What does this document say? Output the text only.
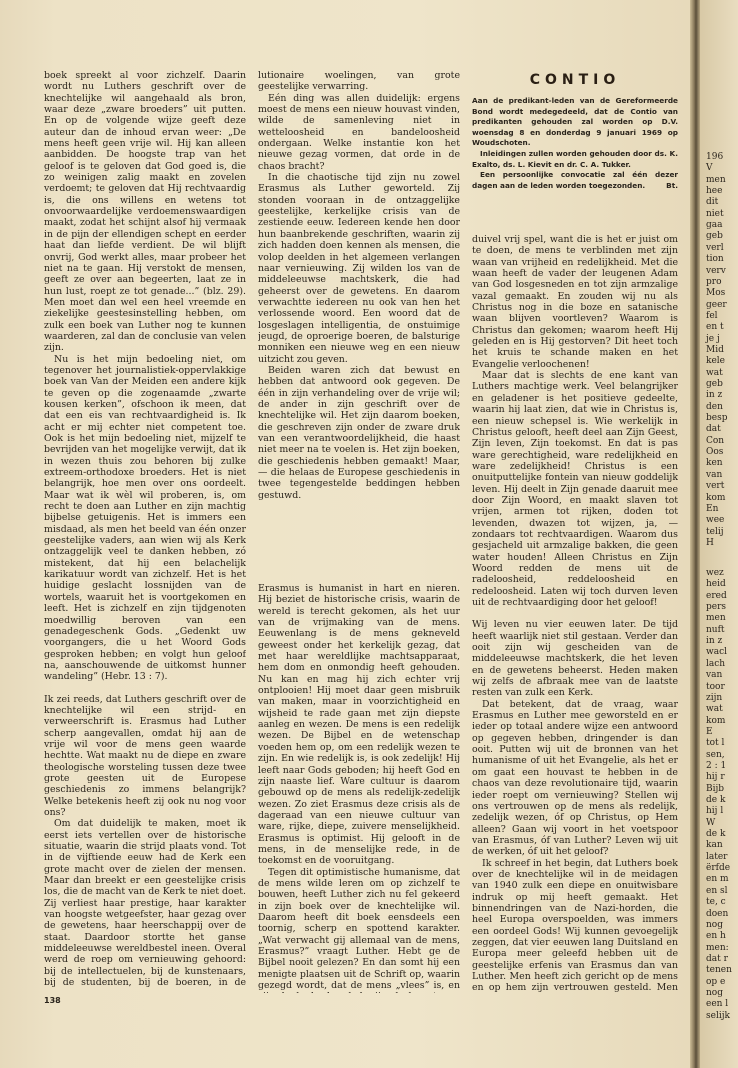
boek spreekt al voor zichzelf. Daarin wordt nu Luthers geschrift over de knechtelijke wil aangehaald als bron, waar deze „zware broeders” uit putten. En op de volgende wijze geeft deze auteur dan de inhoud ervan weer: „De mens heeft geen vrije wil. Hij kan alleen aanbidden. De hoogste trap van het geloof is te geloven dat God goed is, die zo weinigen zalig maakt en zovelen verdoemt; te geloven dat Hij rechtvaardig is, die ons willens en wetens tot onvoorwaardelijke verdoemenswaardigen maakt, zodat het schijnt alsof hij vermaak in de pijn der ellendigen schept en eerder haat dan liefde verdient. De wil blijft onvrij, God werkt alles, maar probeer het niet na te gaan. Hij verstokt de mensen, geeft ze over aan begeerten, laat ze in hun lust, roept ze tot genade...” (blz. 29). Men moet dan wel een heel vreemde en ziekelijke geestesinstelling hebben, om zulk een boek van Luther nog te kunnen waarderen, zal dan de conclusie van velen zijn.

Nu is het mijn bedoeling niet, om tegenover het journalistiek-oppervlakkige boek van Van der Meiden een andere kijk te geven op die zogenaamde „zwarte kousen kerken”, ofschoon ik meen, dat dat een eis van rechtvaardigheid is. Ik acht er mij echter niet competent toe. Ook is het mijn bedoeling niet, mijzelf te bevrijden van het mogelijke verwijt, dat ik in wezen thuis zou behoren bij zulke extreem-orthodoxe broeders. Het is niet belangrijk, hoe men over ons oordeelt. Maar wat ik wèl wil proberen, is, om recht te doen aan Luther en zijn machtig bijbelse getuigenis. Het is immers een misdaad, als men het beeld van één onzer geestelijke vaders, aan wien wij als Kerk ontzaggelijk veel te danken hebben, zó mistekent, dat hij een belachelijk karikatuur wordt van zichzelf. Het is het huidige geslacht lossnijden van de wortels, waaruit het is voortgekomen en leeft. Het is zichzelf en zijn tijdgenoten moedwillig beroven van een genadegeschenk Gods. „Gedenkt uw voorgangers, die u het Woord Gods gesproken hebben; en volgt hun geloof na, aanschouwende de uitkomst hunner wandeling” (Hebr. 13 : 7).

Ik zei reeds, dat Luthers geschrift over de knechtelijke wil een strijd- en verweerschrift is. Erasmus had Luther scherp aangevallen, omdat hij aan de vrije wil voor de mens geen waarde hechtte. Wat maakt nu de diepe en zware theologische worsteling tussen deze twee grote geesten uit de Europese geschiedenis zo immens belangrijk? Welke betekenis heeft zij ook nu nog voor ons?

Om dat duidelijk te maken, moet ik eerst iets vertellen over de historische situatie, waarin die strijd plaats vond. Tot in de vijftiende eeuw had de Kerk een grote macht over de zielen der mensen. Maar dan breekt er een geestelijke crisis los, die de macht van de Kerk te niet doet. Zij verliest haar prestige, haar karakter van hoogste wetgeefster, haar gezag over de gewetens, haar heerschappij over de staat. Daardoor stortte het ganse middeleeuwse wereldbestel ineen. Overal werd de roep om vernieuwing gehoord: bij de intellectuelen, bij de kunstenaars, bij de studenten, bij de boeren, in de

lutionaire woelingen, van grote geestelijke verwarring.

Eén ding was allen duidelijk: ergens moest de mens een nieuw houvast vinden, wilde de samenleving niet in wetteloosheid en bandeloosheid ondergaan. Welke instantie kon het nieuwe gezag vormen, dat orde in de chaos bracht?

In die chaotische tijd zijn nu zowel Erasmus als Luther geworteld. Zij stonden vooraan in de ontzaggelijke geestelijke, kerkelijke crisis van de zestiende eeuw. Iedereen kende hen door hun baanbrekende geschriften, waarin zij zich hadden doen kennen als mensen, die volop deelden in het algemeen verlangen naar vernieuwing. Zij wilden los van de middeleeuwse machtskerk, die had geheerst over de gewetens. En daarom verwachtte iedereen nu ook van hen het verlossende woord. Een woord dat de losgeslagen intelligentia, de onstuimige jeugd, de oproerige boeren, de balsturige monniken een nieuwe weg en een nieuw uitzicht zou geven.

Beiden waren zich dat bewust en hebben dat antwoord ook gegeven. De één in zijn verhandeling over de vrije wil; de ander in zijn geschrift over de knechtelijke wil. Het zijn daarom boeken, die geschreven zijn onder de zware druk van een verantwoordelijkheid, die haast niet meer na te voelen is. Het zijn boeken, die geschiedenis hebben gemaakt! Maar, — die helaas de Europese geschiedenis in twee tegengestelde beddingen hebben gestuwd.

Erasmus is humanist in hart en nieren. Hij beziet de historische crisis, waarin de wereld is terecht gekomen, als het uur van de vrijmaking van de mens. Eeuwenlang is de mens gekneveld geweest onder het kerkelijk gezag, dat met haar wereldlijke machtsapparaat, hem dom en onmondig heeft gehouden. Nu kan en mag hij zich echter vrij ontplooien! Hij moet daar geen misbruik van maken, maar in voorzichtigheid en wijsheid te rade gaan met zijn diepste aanleg en wezen. De mens is een redelijk wezen. De Bijbel en de wetenschap voeden hem op, om een redelijk wezen te zijn. En wie redelijk is, is ook zedelijk! Hij leeft naar Gods geboden; hij heeft God en zijn naaste lief. Ware cultuur is daarom gebouwd op de mens als redelijk-zedelijk wezen. Zo ziet Erasmus deze crisis als de dageraad van een nieuwe cultuur van ware, rijke, diepe, zuivere menselijkheid. Erasmus is optimist. Hij gelooft in de mens, in de menselijke rede, in de toekomst en de vooruitgang.

Tegen dit optimistische humanisme, dat de mens wilde leren om op zichzelf te bouwen, heeft Luther zich nu fel gekeerd in zijn boek over de knechtelijke wil. Daarom heeft dit boek eensdeels een toornig, scherp en spottend karakter. „Wat verwacht gij allemaal van de mens, Erasmus?” vraagt Luther. Hebt ge de Bijbel nooit gelezen? En dan somt hij een menigte plaatsen uit de Schrift op, waarin gezegd wordt, dat de mens „vlees” is, en

CONTIO

Aan de predikant-leden van de Gereformeerde Bond wordt medegedeeld, dat de Contio van predikanten gehouden zal worden op D.V. woensdag 8 en donderdag 9 januari 1969 op Woudschoten.

Inleidingen zullen worden gehouden door ds. K. Exalto, ds. L. Kievit en dr. C. A. Tukker.

Een persoonlijke convocatie zal één dezer dagen aan de leden worden toegezonden.	Bt.

duivel vrij spel, want die is het er juist om te doen, de mens te verblinden met zijn waan van vrijheid en redelijkheid. Met die waan heeft de vader der leugenen Adam van God losgesneden en tot zijn armzalige vazal gemaakt. En zouden wij nu als Christus nog in die boze en satanische waan blijven voortleven? Waarom is Christus dan gekomen; waarom heeft Hij geleden en is Hij gestorven? Dit heet toch het kruis te schande maken en het Evangelie verloochenen!

Maar dat is slechts de ene kant van Luthers machtige werk. Veel belangrijker en geladener is het positieve gedeelte, waarin hij laat zien, dat wie in Christus is, een nieuw schepsel is. Wie werkelijk in Christus gelooft, heeft deel aan Zijn Geest, Zijn leven, Zijn toekomst. En dat is pas ware gerechtigheid, ware redelijkheid en ware zedelijkheid! Christus is een onuitputtelijke fontein van nieuw goddelijk leven. Hij deelt in Zijn genade daaruit mee door Zijn Woord, en maakt slaven tot vrijen, armen tot rijken, doden tot levenden, dwazen tot wijzen, ja, — zondaars tot rechtvaardigen. Waarom dus gesjacheld uit armzalige bakken, die geen water houden! Alleen Christus en Zijn Woord redden de mens uit de radeloosheid, reddeloosheid en redeloosheid. Laten wij toch durven leven uit de rechtvaardiging door het geloof!

Wij leven nu vier eeuwen later. De tijd heeft waarlijk niet stil gestaan. Verder dan ooit zijn wij gescheiden van de middeleeuwse machtskerk, die het leven en de gewetens beheerst. Heden maken wij zelfs de afbraak mee van de laatste resten van zulk een Kerk.

Dat betekent, dat de vraag, waar Erasmus en Luther mee geworsteld en er ieder op totaal andere wijze een antwoord op gegeven hebben, dringender is dan ooit. Putten wij uit de bronnen van het humanisme of uit het Evangelie, als het er om gaat een houvast te hebben in de chaos van deze revolutionaire tijd, waarin ieder roept om vernieuwing? Stellen wij ons vertrouwen op de mens als redelijk, zedelijk wezen, óf op Christus, op Hem alleen? Gaan wij voort in het voetspoor van Erasmus, óf van Luther? Leven wij uit de werken, óf uit het geloof?

Ik schreef in het begin, dat Luthers boek over de knechtelijke wil in de meidagen van 1940 zulk een diepe en onuitwisbare indruk op mij heeft gemaakt. Het binnendringen van de Nazi-horden, die heel Europa overspoelden, was immers een oordeel Gods! Wij kunnen gevoegelijk zeggen, dat vier eeuwen lang Duitsland en Europa meer geleefd hebben uit de geestelijke erfenis van Erasmus dan van Luther. Men heeft zich gericht op de mens en op hem zijn vertrouwen gesteld. Men

138
196
V
men
hee
dit
niet
gaa
geb
verl
tion
verv
pro
Mos
geer
fel
en t
je j
Mid
kele
wat
geb
in z
den
besp
dat
Con
Oos
ken
van
vert
kom
En
wee
telij
H
wez
heid
ered
pers
men
nuft
in z
wacl
lach
van
toor
zijn
wat
kom
E
tot l
sen,
2 : 1
hij r
Bijb
de k
hij l
W
de k
kan
later
ërfde
en m
en sl
te, c
doen
nog
en h
men:
dat r
tenen
op e
nog
een l
selijk
